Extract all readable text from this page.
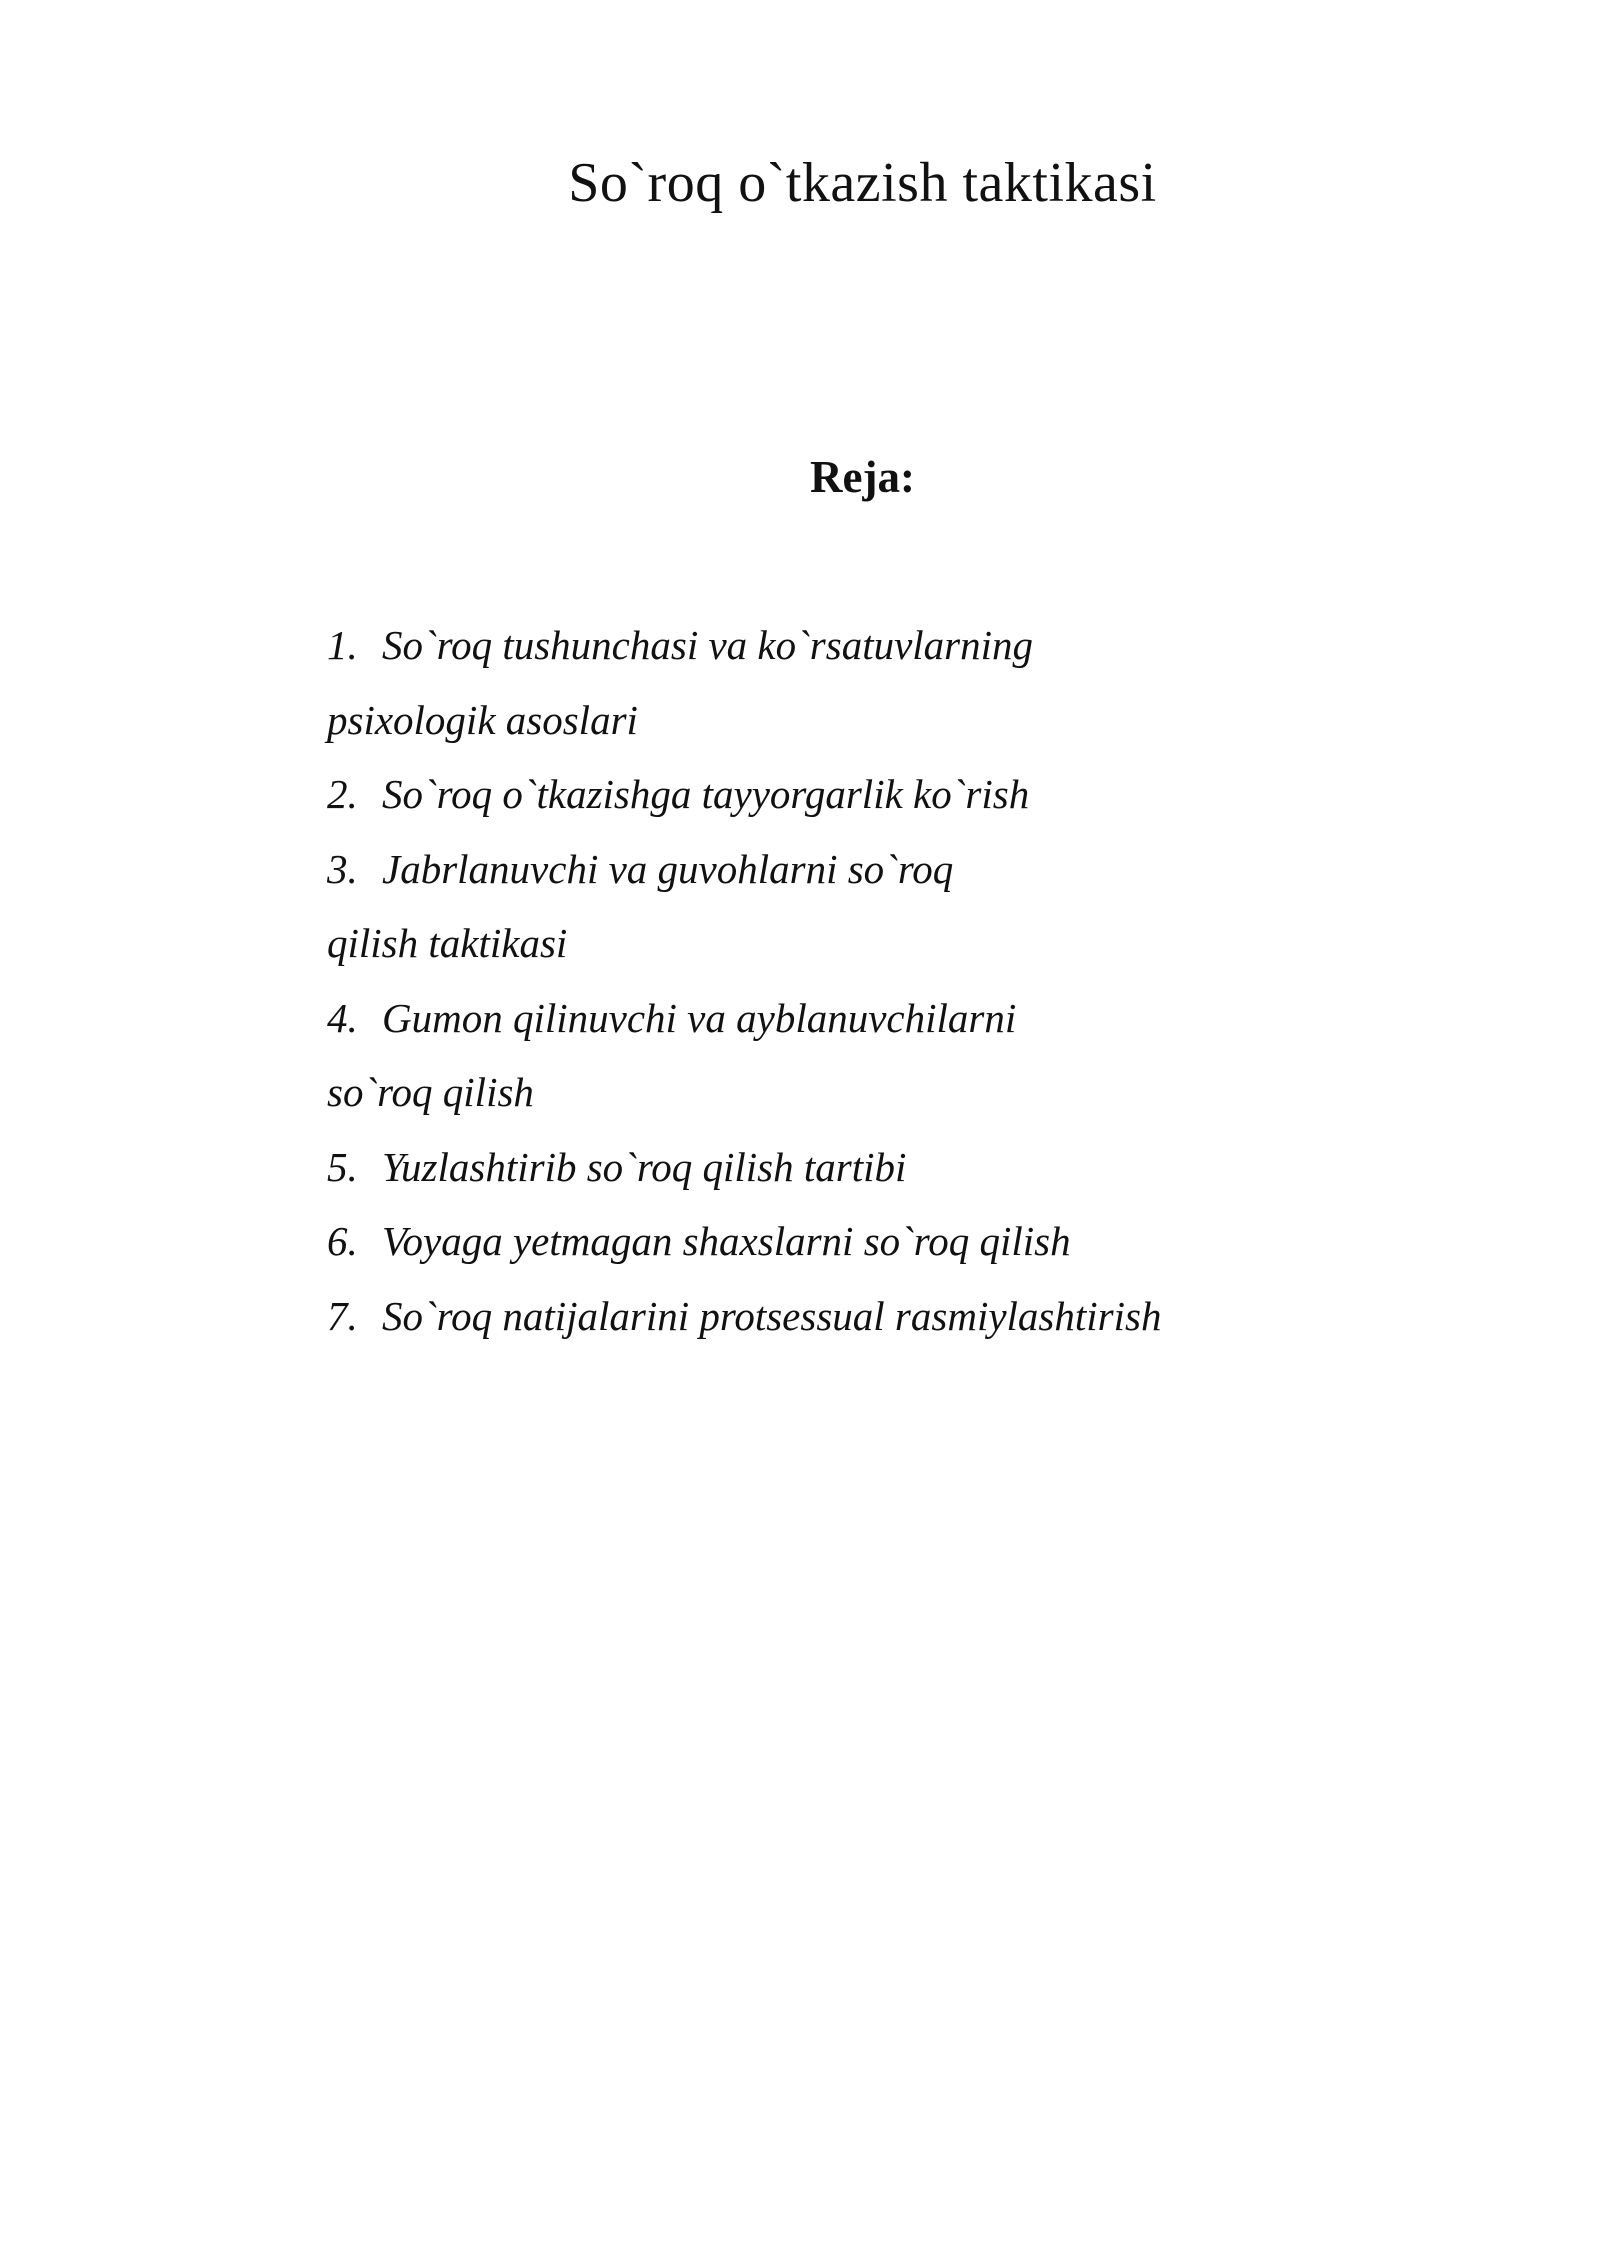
So`roq o`tkazish taktikasi
Reja:
1. So`roq tushunchasi va ko`rsatuvlarning
psixologik asoslari
2. So`roq o`tkazishga tayyorgarlik ko`rish
3. Jabrlanuvchi va guvohlarni so`roq
qilish taktikasi
4. Gumon qilinuvchi va ayblanuvchilarni
so`roq qilish
5. Yuzlashtirib so`roq qilish tartibi
6. Voyaga yetmagan shaxslarni so`roq qilish
7. So`roq natijalarini protsessual rasmiylashtirish
